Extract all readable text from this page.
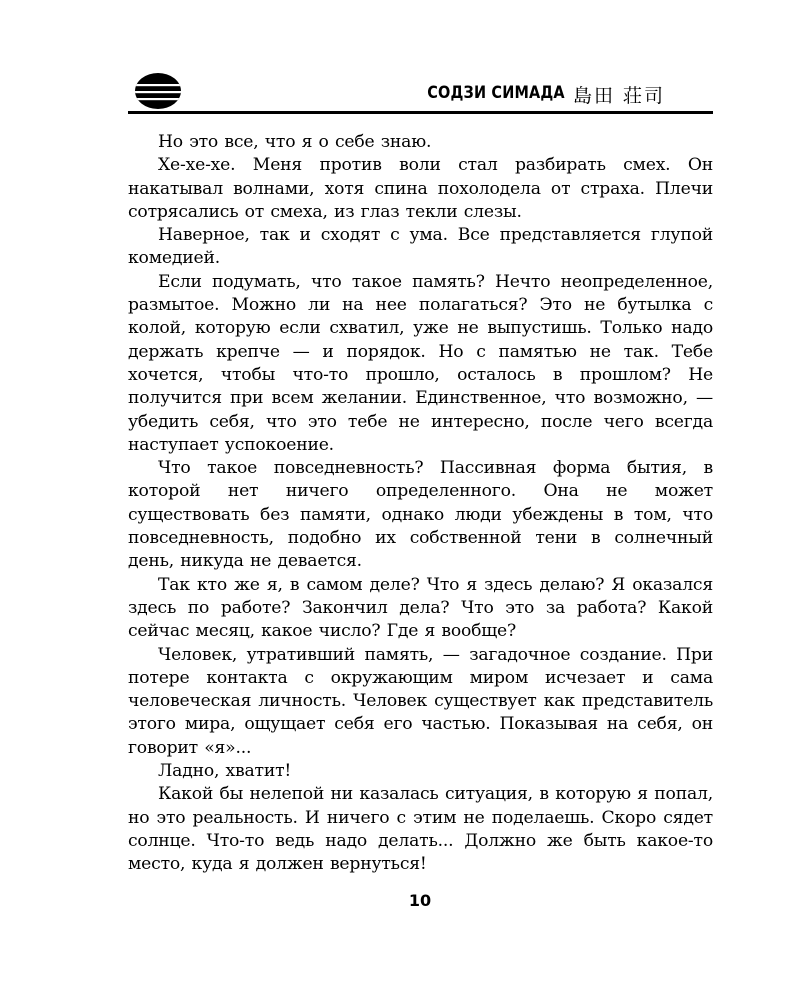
СОДЗИ СИМАДА 島田 荘司

Но это все, что я о себе знаю.

Хе-хе-хе. Меня против воли стал разбирать смех. Он накатывал волнами, хотя спина похолодела от страха. Плечи сотрясались от смеха, из глаз текли слезы.

Наверное, так и сходят с ума. Все представляется глупой комедией.

Если подумать, что такое память? Нечто неопределенное, размытое. Можно ли на нее полагаться? Это не бутылка с колой, которую если схватил, уже не выпустишь. Только надо держать крепче — и порядок. Но с памятью не так. Тебе хочется, чтобы что-то прошло, осталось в прошлом? Не получится при всем желании. Единственное, что возможно, — убедить себя, что это тебе не интересно, после чего всегда наступает успокоение.

Что такое повседневность? Пассивная форма бытия, в которой нет ничего определенного. Она не может существовать без памяти, однако люди убеждены в том, что повседневность, подобно их собственной тени в солнечный день, никуда не девается.

Так кто же я, в самом деле? Что я здесь делаю? Я оказался здесь по работе? Закончил дела? Что это за работа? Какой сейчас месяц, какое число? Где я вообще?

Человек, утративший память, — загадочное создание. При потере контакта с окружающим миром исчезает и сама человеческая личность. Человек существует как представитель этого мира, ощущает себя его частью. Показывая на себя, он говорит «я»...

Ладно, хватит!

Какой бы нелепой ни казалась ситуация, в которую я попал, но это реальность. И ничего с этим не поделаешь. Скоро сядет солнце. Что-то ведь надо делать... Должно же быть какое-то место, куда я должен вернуться!

10
